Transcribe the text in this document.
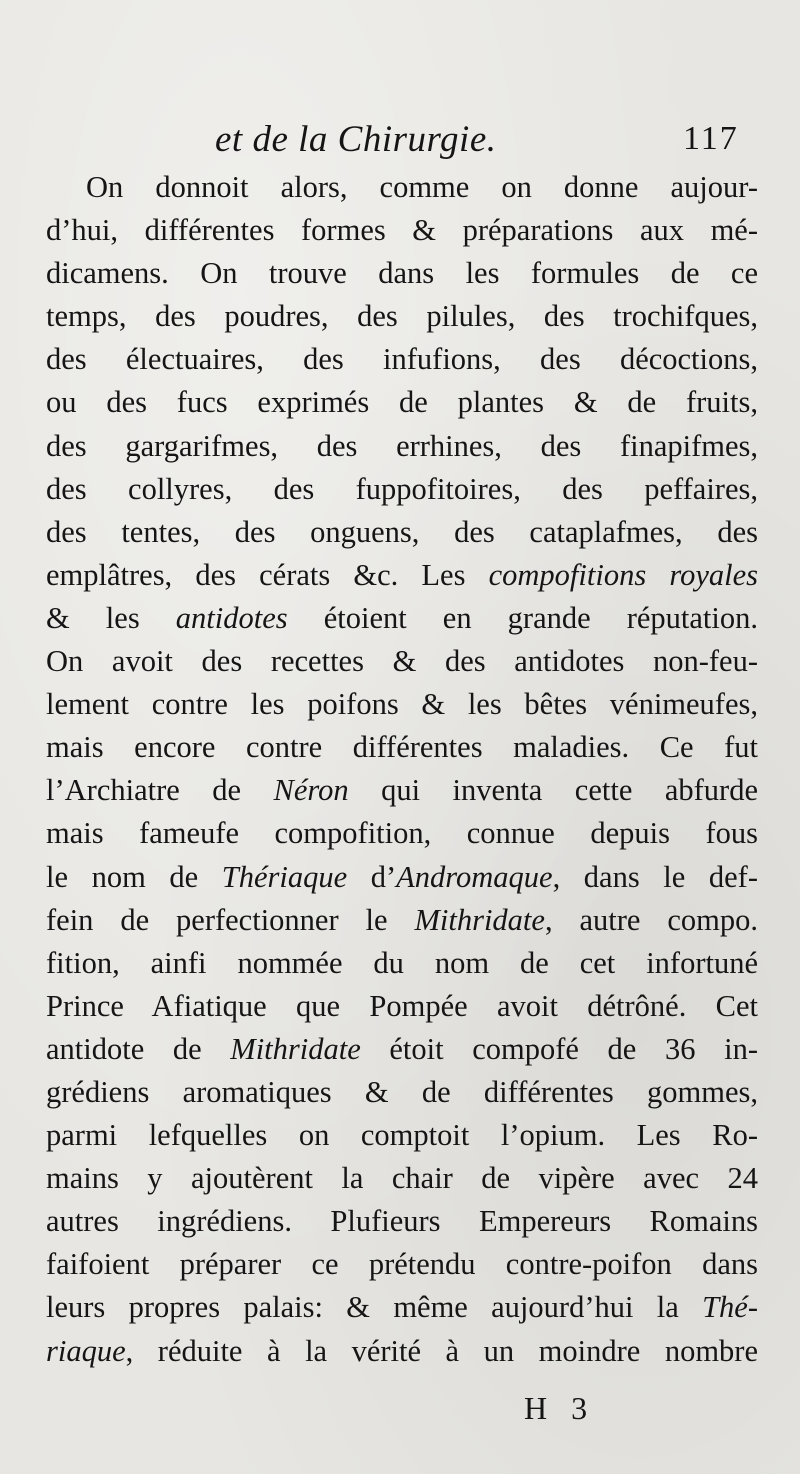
et de la Chirurgie.	117
On donnoit alors, comme on donne aujour-
d’hui, différentes formes & préparations aux mé-
dicamens. On trouve dans les formules de ce
temps, des poudres, des pilules, des trochifques,
des électuaires, des infufions, des décoctions,
ou des fucs exprimés de plantes & de fruits,
des gargarifmes, des errhines, des finapifmes,
des collyres, des fuppofitoires, des peffaires,
des tentes, des onguens, des cataplafmes, des
emplâtres, des cérats &c. Les compofitions royales
& les antidotes étoient en grande réputation.
On avoit des recettes & des antidotes non-feu-
lement contre les poifons & les bêtes vénimeufes,
mais encore contre différentes maladies. Ce fut
l’Archiatre de Néron qui inventa cette abfurde
mais fameufe compofition, connue depuis fous
le nom de Thériaque d’Andromaque, dans le def-
fein de perfectionner le Mithridate, autre compo.
fition, ainfi nommée du nom de cet infortuné
Prince Afiatique que Pompée avoit détrôné. Cet
antidote de Mithridate étoit compofé de 36 in-
grédiens aromatiques & de différentes gommes,
parmi lefquelles on comptoit l’opium. Les Ro-
mains y ajoutèrent la chair de vipère avec 24
autres ingrédiens. Plufieurs Empereurs Romains
faifoient préparer ce prétendu contre-poifon dans
leurs propres palais: & même aujourd’hui la Thé-
riaque, réduite à la vérité à un moindre nombre
H 3
